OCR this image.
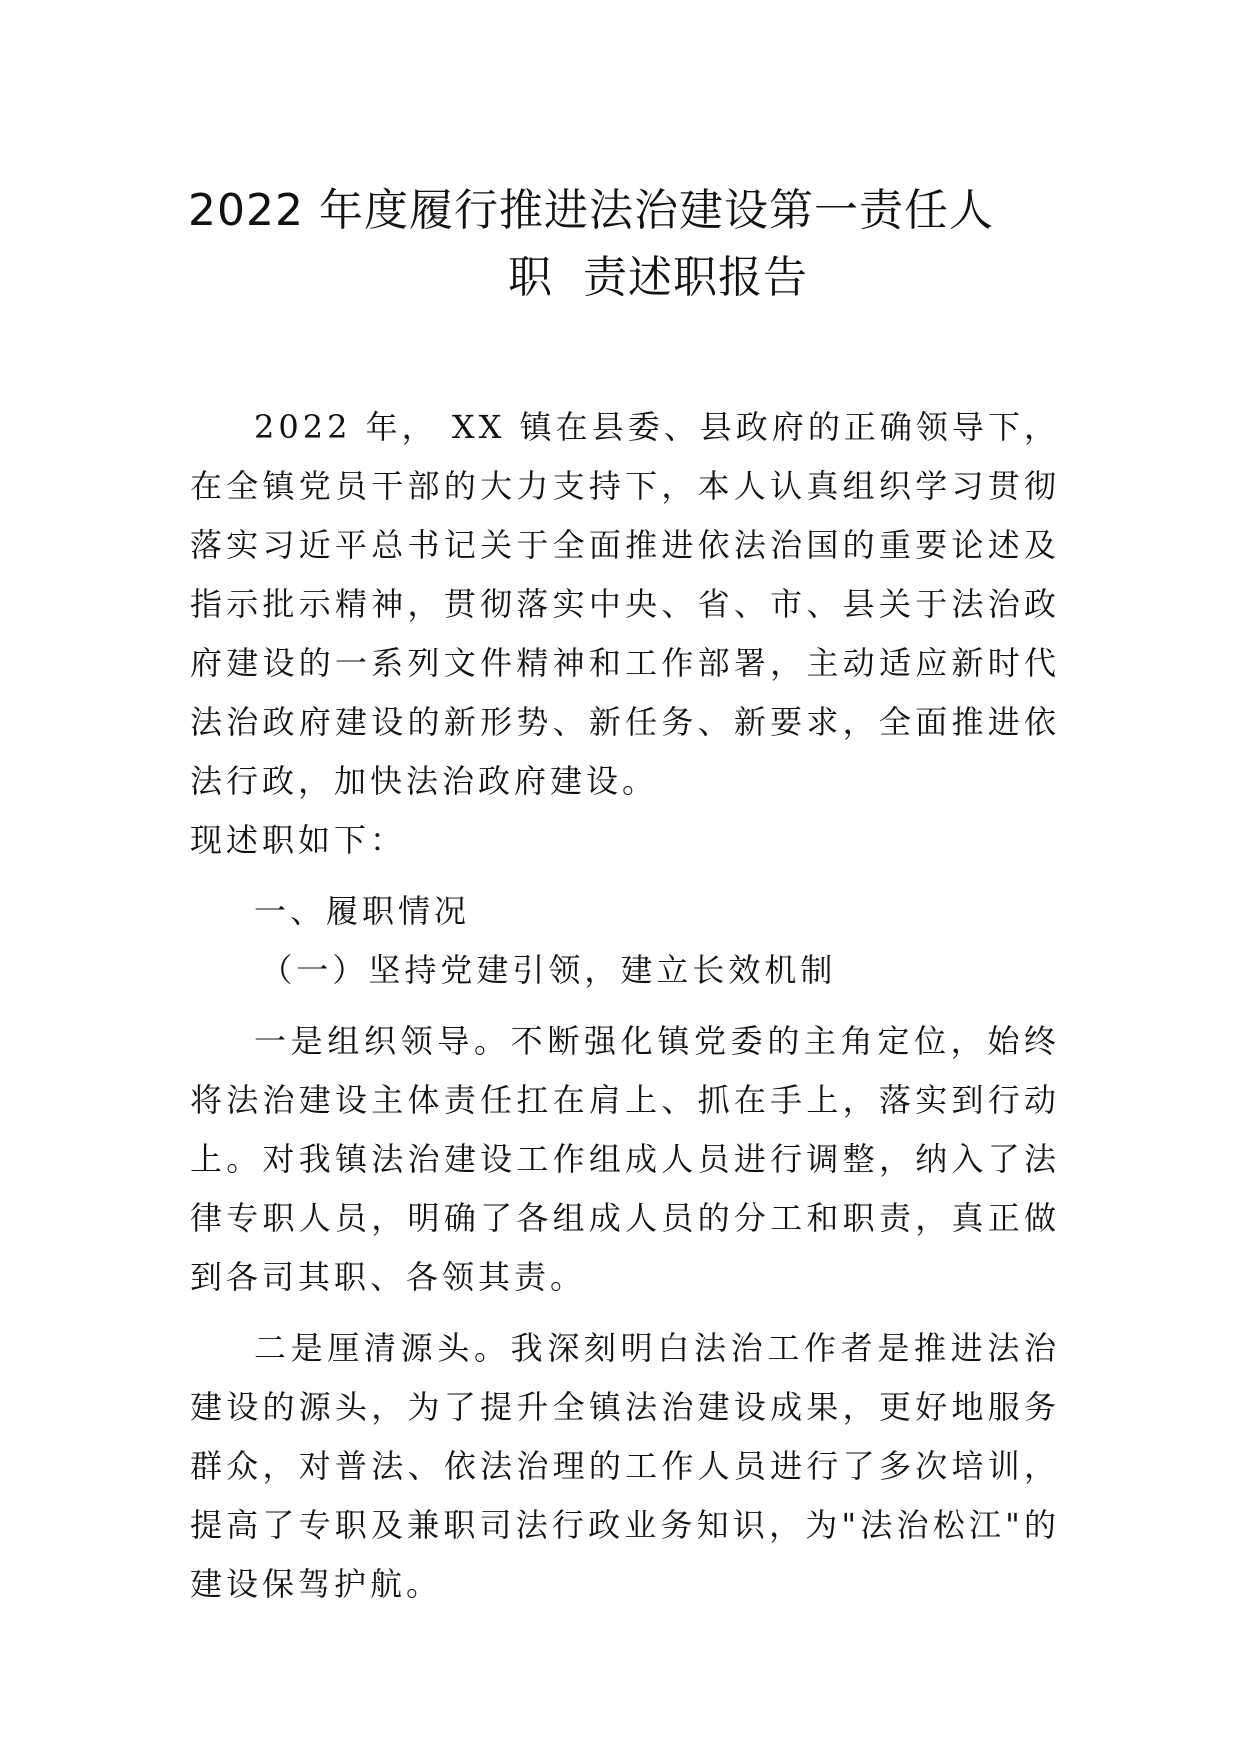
2022 年度履行推进法治建设第一责任人
职  责述职报告

2022 年， XX 镇在县委、县政府的正确领导下，在全镇党员干部的大力支持下，本人认真组织学习贯彻落实习近平总书记关于全面推进依法治国的重要论述及指示批示精神，贯彻落实中央、省、市、县关于法治政府建设的一系列文件精神和工作部署，主动适应新时代法治政府建设的新形势、新任务、新要求，全面推进依法行政，加快法治政府建设。

现述职如下：

一、履职情况

（一）坚持党建引领，建立长效机制

一是组织领导。不断强化镇党委的主角定位，始终将法治建设主体责任扛在肩上、抓在手上，落实到行动上。对我镇法治建设工作组成人员进行调整，纳入了法律专职人员，明确了各组成人员的分工和职责，真正做到各司其职、各领其责。

二是厘清源头。我深刻明白法治工作者是推进法治建设的源头，为了提升全镇法治建设成果，更好地服务群众，对普法、依法治理的工作人员进行了多次培训，提高了专职及兼职司法行政业务知识，为"法治松江"的建设保驾护航。
